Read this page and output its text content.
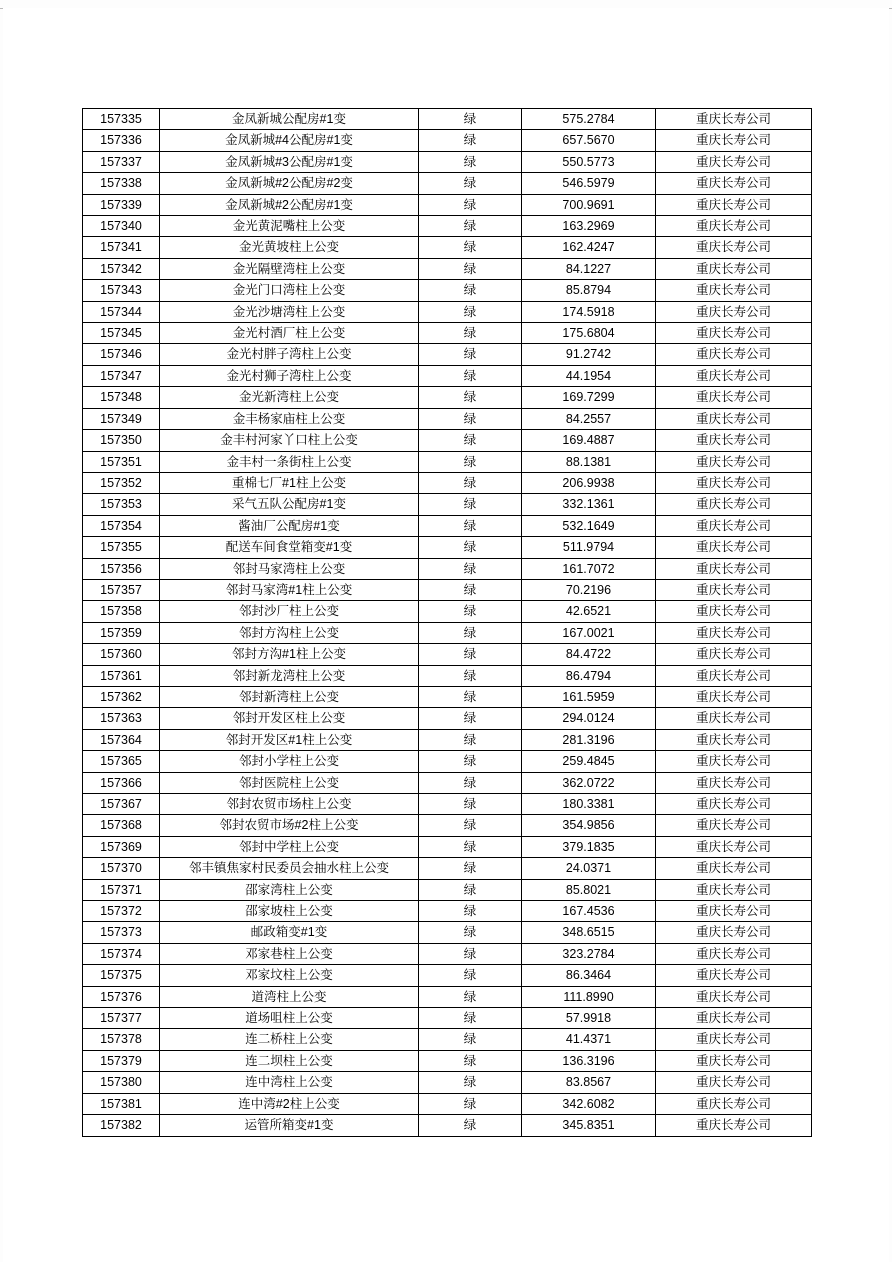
157335	金凤新城公配房#1变	绿	575.2784	重庆长寿公司
157336	金凤新城#4公配房#1变	绿	657.5670	重庆长寿公司
157337	金凤新城#3公配房#1变	绿	550.5773	重庆长寿公司
157338	金凤新城#2公配房#2变	绿	546.5979	重庆长寿公司
157339	金凤新城#2公配房#1变	绿	700.9691	重庆长寿公司
157340	金光黄泥嘴柱上公变	绿	163.2969	重庆长寿公司
157341	金光黄坡柱上公变	绿	162.4247	重庆长寿公司
157342	金光隔壁湾柱上公变	绿	84.1227	重庆长寿公司
157343	金光门口湾柱上公变	绿	85.8794	重庆长寿公司
157344	金光沙塘湾柱上公变	绿	174.5918	重庆长寿公司
157345	金光村酒厂柱上公变	绿	175.6804	重庆长寿公司
157346	金光村胖子湾柱上公变	绿	91.2742	重庆长寿公司
157347	金光村狮子湾柱上公变	绿	44.1954	重庆长寿公司
157348	金光新湾柱上公变	绿	169.7299	重庆长寿公司
157349	金丰杨家庙柱上公变	绿	84.2557	重庆长寿公司
157350	金丰村河家丫口柱上公变	绿	169.4887	重庆长寿公司
157351	金丰村一条街柱上公变	绿	88.1381	重庆长寿公司
157352	重棉七厂#1柱上公变	绿	206.9938	重庆长寿公司
157353	采气五队公配房#1变	绿	332.1361	重庆长寿公司
157354	酱油厂公配房#1变	绿	532.1649	重庆长寿公司
157355	配送车间食堂箱变#1变	绿	511.9794	重庆长寿公司
157356	邻封马家湾柱上公变	绿	161.7072	重庆长寿公司
157357	邻封马家湾#1柱上公变	绿	70.2196	重庆长寿公司
157358	邻封沙厂柱上公变	绿	42.6521	重庆长寿公司
157359	邻封方沟柱上公变	绿	167.0021	重庆长寿公司
157360	邻封方沟#1柱上公变	绿	84.4722	重庆长寿公司
157361	邻封新龙湾柱上公变	绿	86.4794	重庆长寿公司
157362	邻封新湾柱上公变	绿	161.5959	重庆长寿公司
157363	邻封开发区柱上公变	绿	294.0124	重庆长寿公司
157364	邻封开发区#1柱上公变	绿	281.3196	重庆长寿公司
157365	邻封小学柱上公变	绿	259.4845	重庆长寿公司
157366	邻封医院柱上公变	绿	362.0722	重庆长寿公司
157367	邻封农贸市场柱上公变	绿	180.3381	重庆长寿公司
157368	邻封农贸市场#2柱上公变	绿	354.9856	重庆长寿公司
157369	邻封中学柱上公变	绿	379.1835	重庆长寿公司
157370	邻丰镇焦家村民委员会抽水柱上公变	绿	24.0371	重庆长寿公司
157371	邵家湾柱上公变	绿	85.8021	重庆长寿公司
157372	邵家坡柱上公变	绿	167.4536	重庆长寿公司
157373	邮政箱变#1变	绿	348.6515	重庆长寿公司
157374	邓家巷柱上公变	绿	323.2784	重庆长寿公司
157375	邓家坟柱上公变	绿	86.3464	重庆长寿公司
157376	道湾柱上公变	绿	111.8990	重庆长寿公司
157377	道场咀柱上公变	绿	57.9918	重庆长寿公司
157378	连二桥柱上公变	绿	41.4371	重庆长寿公司
157379	连二坝柱上公变	绿	136.3196	重庆长寿公司
157380	连中湾柱上公变	绿	83.8567	重庆长寿公司
157381	连中湾#2柱上公变	绿	342.6082	重庆长寿公司
157382	运管所箱变#1变	绿	345.8351	重庆长寿公司
